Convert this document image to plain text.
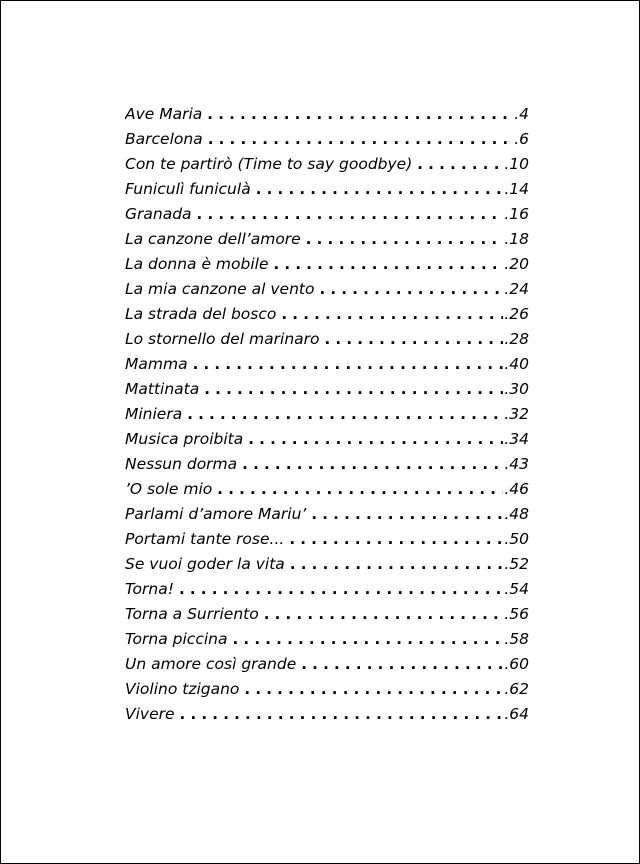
Ave Maria . . .	.4
Barcelona . . .	.6
Con te partirò (Time to say goodbye) . . .	.10
Funiculì funiculà . . .	.14
Granada . . .	.16
La canzone dell’amore . . .	.18
La donna è mobile . . .	.20
La mia canzone al vento . . .	.24
La strada del bosco . . .	.26
Lo stornello del marinaro . . .	.28
Mamma . . .	.40
Mattinata . . .	.30
Miniera . . .	.32
Musica proibita . . .	.34
Nessun dorma . . .	.43
’O sole mio . . .	.46
Parlami d’amore Mariu’ . . .	.48
Portami tante rose... . . .	.50
Se vuoi goder la vita . . .	.52
Torna! . . .	.54
Torna a Surriento . . .	.56
Torna piccina . . .	.58
Un amore così grande . . .	.60
Violino tzigano . . .	.62
Vivere . . .	.64
